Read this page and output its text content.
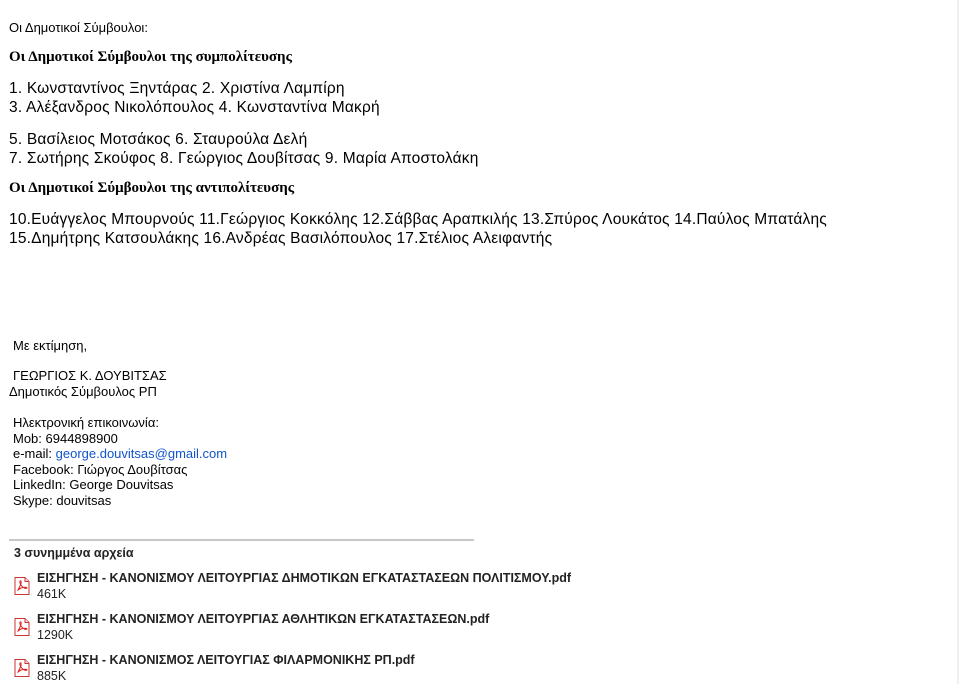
Οι Δημοτικοί Σύμβουλοι:
Οι Δημοτικοί Σύμβουλοι της συμπολίτευσης
1. Κωνσταντίνος Ξηντάρας 2. Χριστίνα Λαμπίρη
3. Αλέξανδρος Νικολόπουλος 4. Κωνσταντίνα Μακρή
5. Βασίλειος Μοτσάκος 6. Σταυρούλα Δελή
7. Σωτήρης Σκούφος 8. Γεώργιος Δουβίτσας 9. Μαρία Αποστολάκη
Οι Δημοτικοί Σύμβουλοι της αντιπολίτευσης
10.Ευάγγελος Μπουρνούς 11.Γεώργιος Κοκκόλης 12.Σάββας Αραπκιλής 13.Σπύρος Λουκάτος 14.Παύλος Μπατάλης
15.Δημήτρης Κατσουλάκης 16.Ανδρέας Βασιλόπουλος 17.Στέλιος Αλειφαντής
Με εκτίμηση,
ΓΕΩΡΓΙΟΣ Κ. ΔΟΥΒΙΤΣΑΣ
Δημοτικός Σύμβουλος ΡΠ
Ηλεκτρονική επικοινωνία:
Mob: 6944898900
e-mail: george.douvitsas@gmail.com
Facebook: Γιώργος Δουβίτσας
LinkedIn: George Douvitsas
Skype: douvitsas
3 συνημμένα αρχεία
ΕΙΣΗΓΗΣΗ - ΚΑΝΟΝΙΣΜΟΥ ΛΕΙΤΟΥΡΓΙΑΣ ΔΗΜΟΤΙΚΩΝ ΕΓΚΑΤΑΣΤΑΣΕΩΝ ΠΟΛΙΤΙΣΜΟΥ.pdf
461K
ΕΙΣΗΓΗΣΗ - ΚΑΝΟΝΙΣΜΟΥ ΛΕΙΤΟΥΡΓΙΑΣ ΑΘΛΗΤΙΚΩΝ ΕΓΚΑΤΑΣΤΑΣΕΩΝ.pdf
1290K
ΕΙΣΗΓΗΣΗ - ΚΑΝΟΝΙΣΜΟΣ ΛΕΙΤΟΥΓΙΑΣ ΦΙΛΑΡΜΟΝΙΚΗΣ ΡΠ.pdf
885K
